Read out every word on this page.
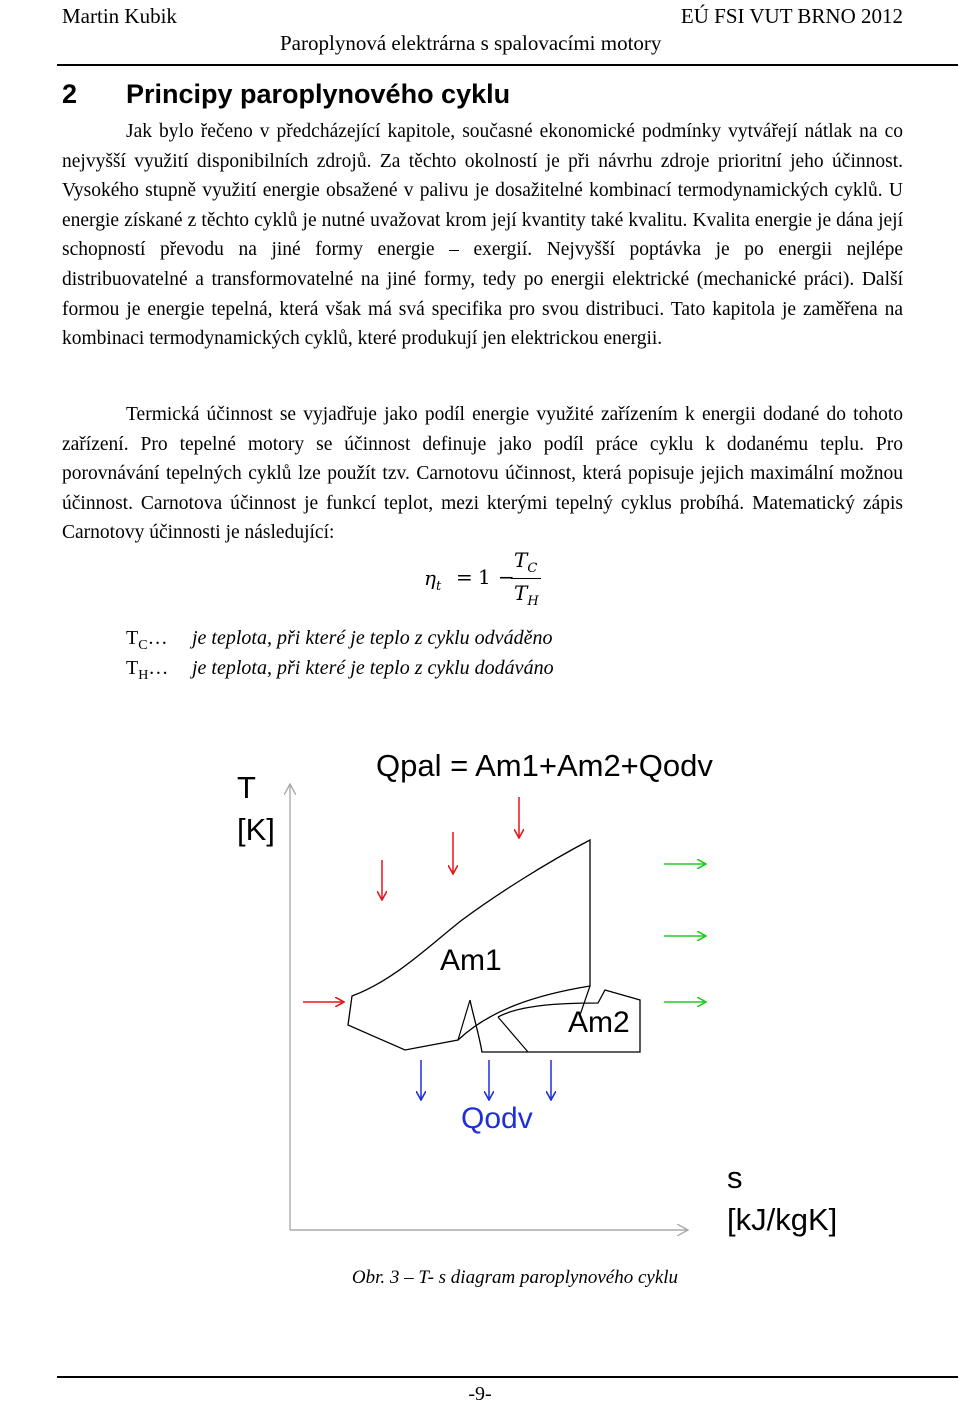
Martin Kubik	EÚ FSI VUT BRNO 2012
Paroplynová elektrárna s spalovacími motory
2 Principy paroplynového cyklu

Jak bylo řečeno v předcházející kapitole, současné ekonomické podmínky vytvářejí nátlak na co nejvyšší využití disponibilních zdrojů. Za těchto okolností je při návrhu zdroje prioritní jeho účinnost. Vysokého stupně využití energie obsažené v palivu je dosažitelné kombinací termodynamických cyklů. U energie získané z těchto cyklů je nutné uvažovat krom její kvantity také kvalitu. Kvalita energie je dána její schopností převodu na jiné formy energie – exergií. Nejvyšší poptávka je po energii nejlépe distribuovatelné a transformovatelné na jiné formy, tedy po energii elektrické (mechanické práci). Další formou je energie tepelná, která však má svá specifika pro svou distribuci. Tato kapitola je zaměřena na kombinaci termodynamických cyklů, které produkují jen elektrickou energii.

Termická účinnost se vyjadřuje jako podíl energie využité zařízením k energii dodané do tohoto zařízení. Pro tepelné motory se účinnost definuje jako podíl práce cyklu k dodanému teplu. Pro porovnávání tepelných cyklů lze použít tzv. Carnotovu účinnost, která popisuje jejich maximální možnou účinnost. Carnotova účinnost je funkcí teplot, mezi kterými tepelný cyklus probíhá. Matematický zápis Carnotovy účinnosti je následující:

$\eta_t = 1$ −
$T_C$
$T_H$
$T_C\dots$ je teplota, při které je teplo z cyklu odváděno
$T_H\dots$ je teplota, při které je teplo z cyklu dodáváno
T
[K]
s
[kJ/kgK]
Qpal = Am1+Am2+Qodv
Am1
Am2
Qodv
Obr. 3 – T- s diagram paroplynového cyklu
-9-
